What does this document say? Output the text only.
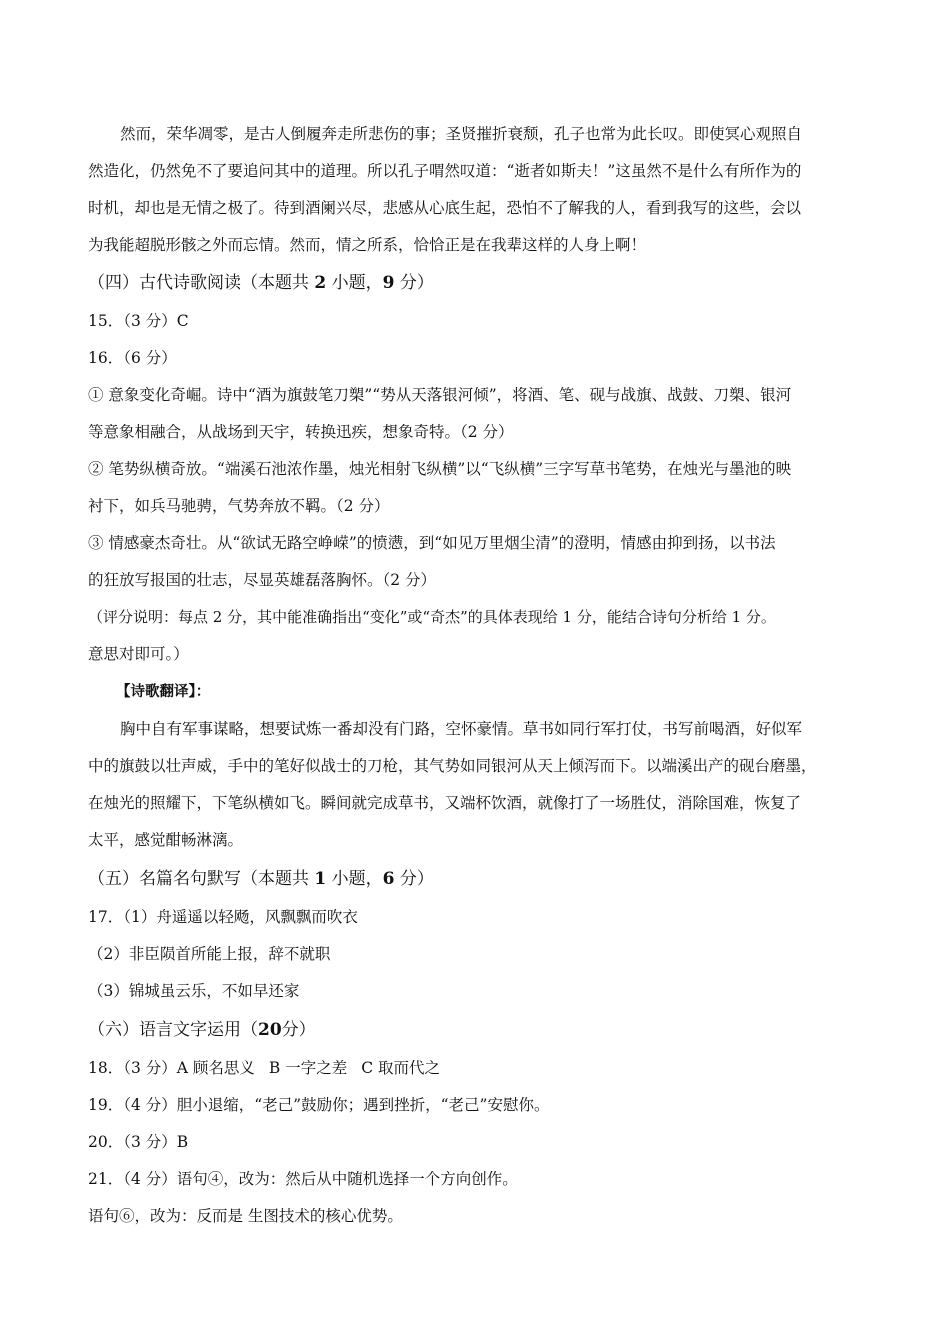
然而，荣华凋零，是古人倒履奔走所悲伤的事；圣贤摧折衰颓，孔子也常为此长叹。即使冥心观照自
然造化，仍然免不了要追问其中的道理。所以孔子喟然叹道：“逝者如斯夫！”这虽然不是什么有所作为的
时机，却也是无情之极了。待到酒阑兴尽，悲感从心底生起，恐怕不了解我的人，看到我写的这些，会以
为我能超脱形骸之外而忘情。然而，情之所系，恰恰正是在我辈这样的人身上啊！
（四）古代诗歌阅读（本题共 2 小题，9 分）
15．（3 分）C
16．（6 分）
① 意象变化奇崛。诗中“酒为旗鼓笔刀槊”“势从天落银河倾”，将酒、笔、砚与战旗、战鼓、刀槊、银河
等意象相融合，从战场到天宇，转换迅疾，想象奇特。（2 分）
② 笔势纵横奇放。“端溪石池浓作墨，烛光相射飞纵横”以“飞纵横”三字写草书笔势，在烛光与墨池的映
衬下，如兵马驰骋，气势奔放不羁。（2 分）
③ 情感豪杰奇壮。从“欲试无路空峥嵘”的愤懑，到“如见万里烟尘清”的澄明，情感由抑到扬，以书法
的狂放写报国的壮志，尽显英雄磊落胸怀。（2 分）
（评分说明：每点 2 分，其中能准确指出“变化”或“奇杰”的具体表现给 1 分，能结合诗句分析给 1 分。
意思对即可。）
【诗歌翻译】：
胸中自有军事谋略，想要试炼一番却没有门路，空怀豪情。草书如同行军打仗，书写前喝酒，好似军
中的旗鼓以壮声威，手中的笔好似战士的刀枪，其气势如同银河从天上倾泻而下。以端溪出产的砚台磨墨，
在烛光的照耀下，下笔纵横如飞。瞬间就完成草书，又端杯饮酒，就像打了一场胜仗，消除国难，恢复了
太平，感觉酣畅淋漓。
（五）名篇名句默写（本题共 1 小题，6 分）
17．（1）舟遥遥以轻飏，风飘飘而吹衣
（2）非臣陨首所能上报，辞不就职
（3）锦城虽云乐，不如早还家
（六）语言文字运用（20分）
18．（3 分）A 顾名思义 B 一字之差 C 取而代之
19．（4 分）胆小退缩，“老己”鼓励你；遇到挫折，“老己”安慰你。
20．（3 分）B
21．（4 分）语句④，改为：然后从中随机选择一个方向创作。
语句⑥，改为：反而是 生图技术的核心优势。
